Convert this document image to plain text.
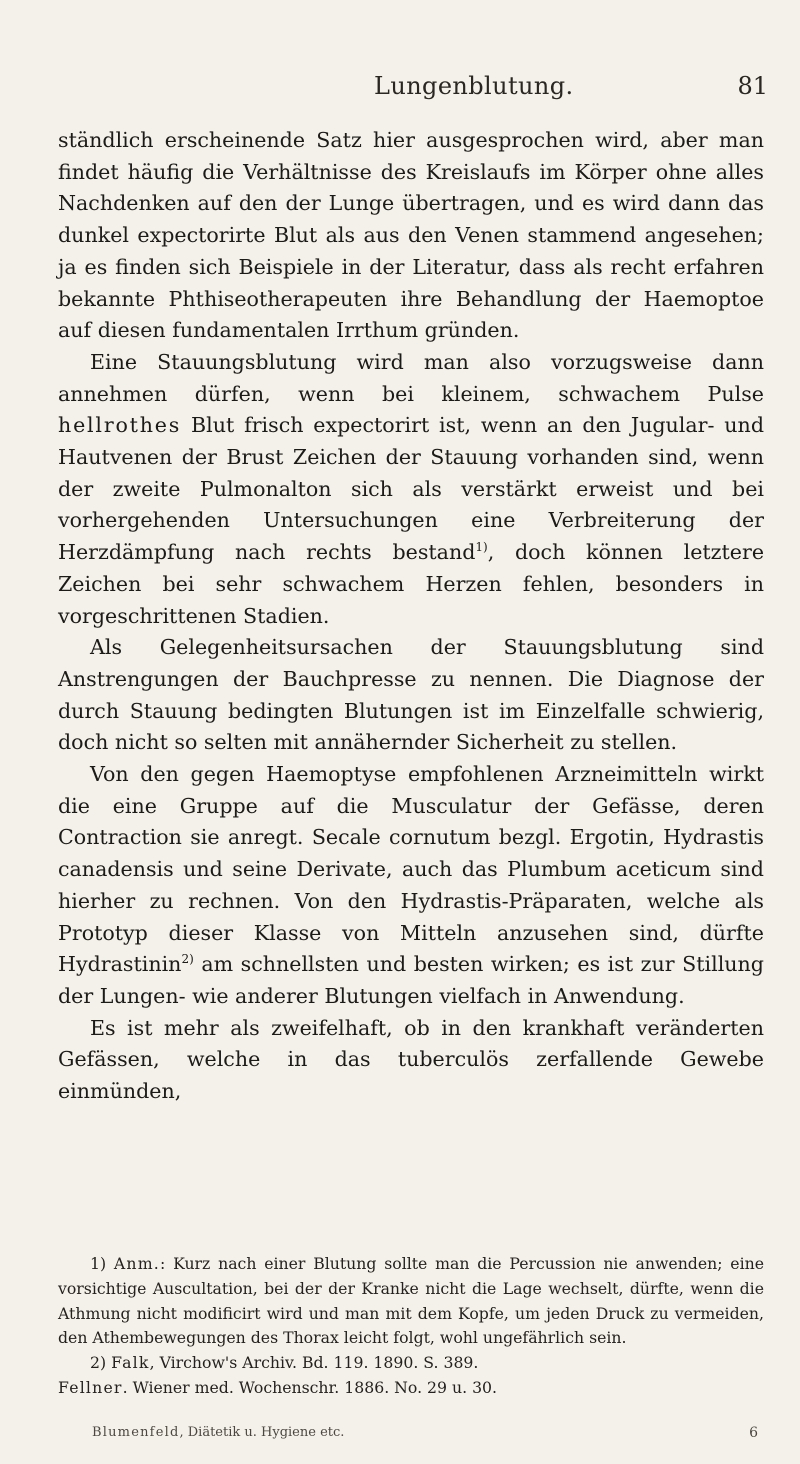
Lungenblutung.	81

ständlich erscheinende Satz hier ausgesprochen wird, aber man findet häufig die Verhältnisse des Kreislaufs im Körper ohne alles Nachdenken auf den der Lunge übertragen, und es wird dann das dunkel expectorirte Blut als aus den Venen stammend angesehen; ja es finden sich Beispiele in der Literatur, dass als recht erfahren bekannte Phthiseotherapeuten ihre Behandlung der Haemoptoe auf diesen fundamentalen Irrthum gründen.

Eine Stauungsblutung wird man also vorzugsweise dann annehmen dürfen, wenn bei kleinem, schwachem Pulse hellrothes Blut frisch expectorirt ist, wenn an den Jugular- und Hautvenen der Brust Zeichen der Stauung vorhanden sind, wenn der zweite Pulmonalton sich als verstärkt erweist und bei vorhergehenden Untersuchungen eine Verbreiterung der Herzdämpfung nach rechts bestand$^{1)}$, doch können letztere Zeichen bei sehr schwachem Herzen fehlen, besonders in vorgeschrittenen Stadien.

Als Gelegenheitsursachen der Stauungsblutung sind Anstrengungen der Bauchpresse zu nennen. Die Diagnose der durch Stauung bedingten Blutungen ist im Einzelfalle schwierig, doch nicht so selten mit annähernder Sicherheit zu stellen.

Von den gegen Haemoptyse empfohlenen Arzneimitteln wirkt die eine Gruppe auf die Musculatur der Gefässe, deren Contraction sie anregt. Secale cornutum bezgl. Ergotin, Hydrastis canadensis und seine Derivate, auch das Plumbum aceticum sind hierher zu rechnen. Von den Hydrastis-Präparaten, welche als Prototyp dieser Klasse von Mitteln anzusehen sind, dürfte Hydrastinin$^{2)}$ am schnellsten und besten wirken; es ist zur Stillung der Lungen- wie anderer Blutungen vielfach in Anwendung.

Es ist mehr als zweifelhaft, ob in den krankhaft veränderten Gefässen, welche in das tuberculös zerfallende Gewebe einmünden,

1) Anm.: Kurz nach einer Blutung sollte man die Percussion nie anwenden; eine vorsichtige Auscultation, bei der der Kranke nicht die Lage wechselt, dürfte, wenn die Athmung nicht modificirt wird und man mit dem Kopfe, um jeden Druck zu vermeiden, den Athembewegungen des Thorax leicht folgt, wohl ungefährlich sein.

2) Falk, Virchow's Archiv. Bd. 119. 1890. S. 389.
Fellner. Wiener med. Wochenschr. 1886. No. 29 u. 30.

Blumenfeld, Diätetik u. Hygiene etc.	6
